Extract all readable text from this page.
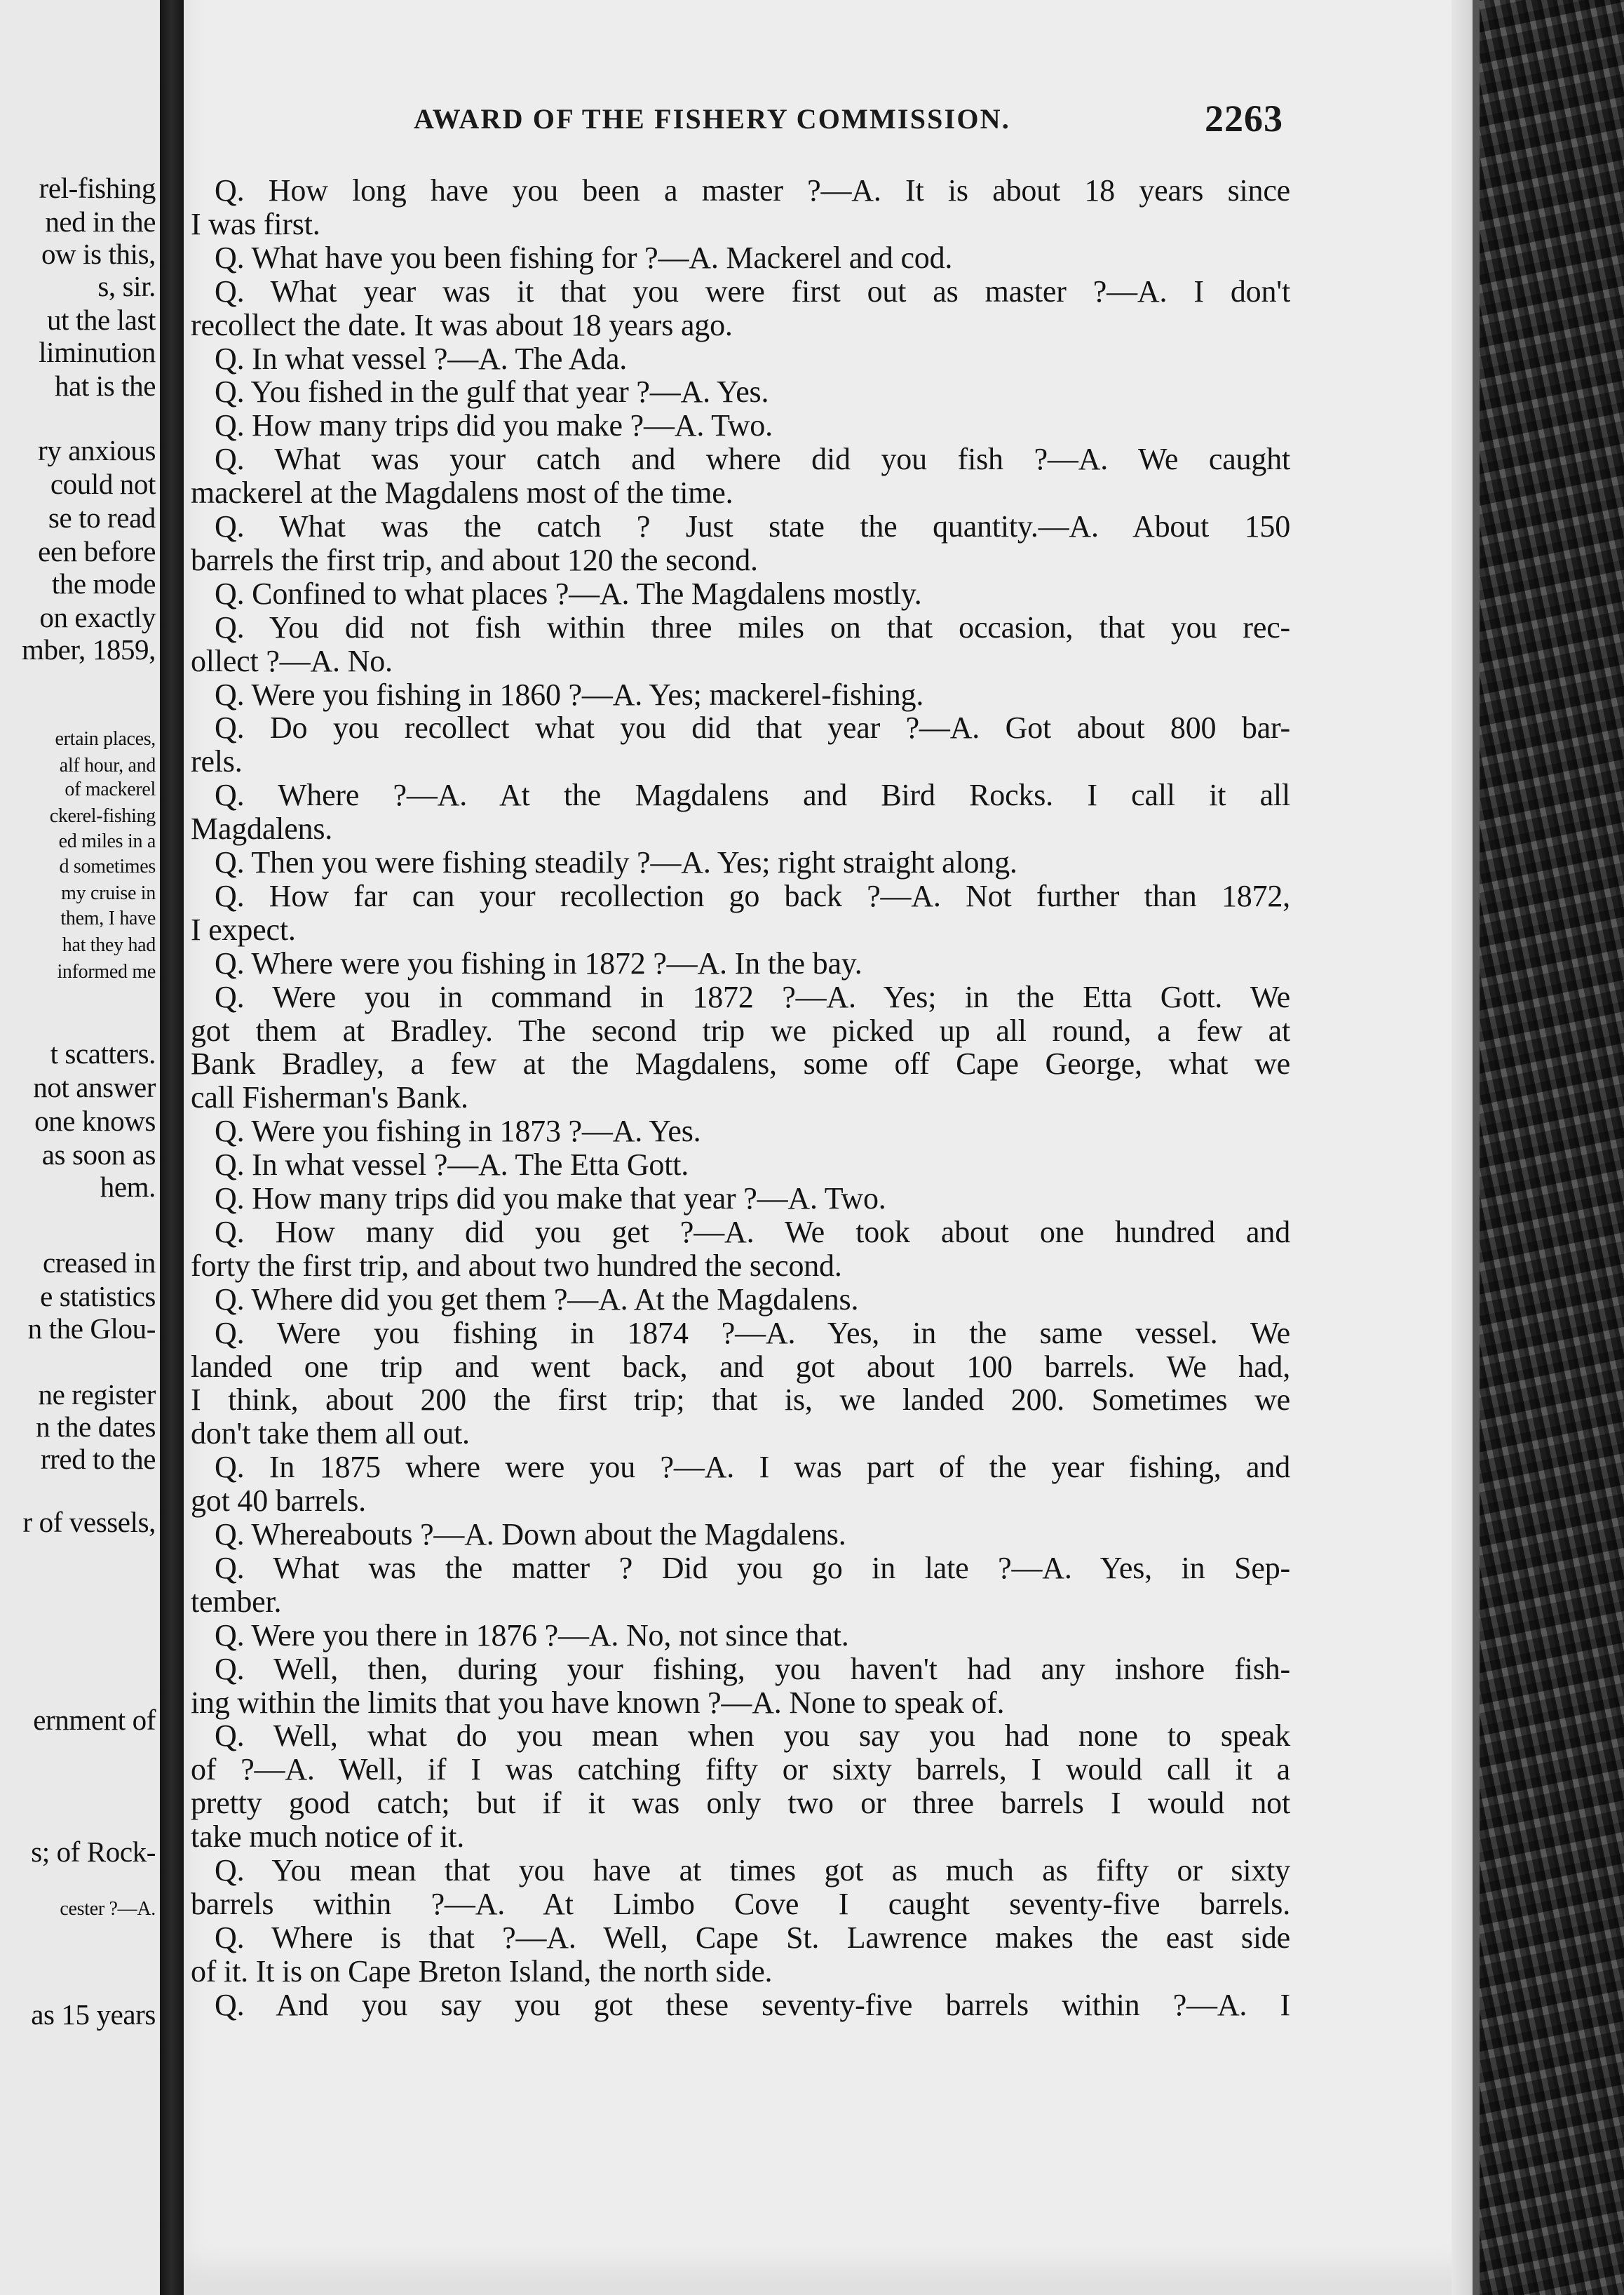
rel-fishing
ned in the
ow is this,
s, sir.
ut the last
liminution
hat is the
ry anxious
could not
se to read
een before
the mode
on exactly
mber, 1859,
ertain places,
alf hour, and
of mackerel
ckerel-fishing
ed miles in a
d sometimes
my cruise in
them, I have
hat they had
informed me
t scatters.
not answer
one knows
as soon as
hem.
creased in
e statistics
n the Glou-
ne register
n the dates
rred to the
r of vessels,
ernment of
s; of Rock-
cester ?—A.
as 15 years
AWARD OF THE FISHERY COMMISSION.	2263
Q. How long have you been a master ?—A. It is about 18 years since
I was first.
Q. What have you been fishing for ?—A. Mackerel and cod.
Q. What year was it that you were first out as master ?—A. I don't
recollect the date. It was about 18 years ago.
Q. In what vessel ?—A. The Ada.
Q. You fished in the gulf that year ?—A. Yes.
Q. How many trips did you make ?—A. Two.
Q. What was your catch and where did you fish ?—A. We caught
mackerel at the Magdalens most of the time.
Q. What was the catch ? Just state the quantity.—A. About 150
barrels the first trip, and about 120 the second.
Q. Confined to what places ?—A. The Magdalens mostly.
Q. You did not fish within three miles on that occasion, that you rec-
ollect ?—A. No.
Q. Were you fishing in 1860 ?—A. Yes; mackerel-fishing.
Q. Do you recollect what you did that year ?—A. Got about 800 bar-
rels.
Q. Where ?—A. At the Magdalens and Bird Rocks. I call it all
Magdalens.
Q. Then you were fishing steadily ?—A. Yes; right straight along.
Q. How far can your recollection go back ?—A. Not further than 1872,
I expect.
Q. Where were you fishing in 1872 ?—A. In the bay.
Q. Were you in command in 1872 ?—A. Yes; in the Etta Gott. We
got them at Bradley. The second trip we picked up all round, a few at
Bank Bradley, a few at the Magdalens, some off Cape George, what we
call Fisherman's Bank.
Q. Were you fishing in 1873 ?—A. Yes.
Q. In what vessel ?—A. The Etta Gott.
Q. How many trips did you make that year ?—A. Two.
Q. How many did you get ?—A. We took about one hundred and
forty the first trip, and about two hundred the second.
Q. Where did you get them ?—A. At the Magdalens.
Q. Were you fishing in 1874 ?—A. Yes, in the same vessel. We
landed one trip and went back, and got about 100 barrels. We had,
I think, about 200 the first trip; that is, we landed 200. Sometimes we
don't take them all out.
Q. In 1875 where were you ?—A. I was part of the year fishing, and
got 40 barrels.
Q. Whereabouts ?—A. Down about the Magdalens.
Q. What was the matter ? Did you go in late ?—A. Yes, in Sep-
tember.
Q. Were you there in 1876 ?—A. No, not since that.
Q. Well, then, during your fishing, you haven't had any inshore fish-
ing within the limits that you have known ?—A. None to speak of.
Q. Well, what do you mean when you say you had none to speak
of ?—A. Well, if I was catching fifty or sixty barrels, I would call it a
pretty good catch; but if it was only two or three barrels I would not
take much notice of it.
Q. You mean that you have at times got as much as fifty or sixty
barrels within ?—A. At Limbo Cove I caught seventy-five barrels.
Q. Where is that ?—A. Well, Cape St. Lawrence makes the east side
of it. It is on Cape Breton Island, the north side.
Q. And you say you got these seventy-five barrels within ?—A. I
